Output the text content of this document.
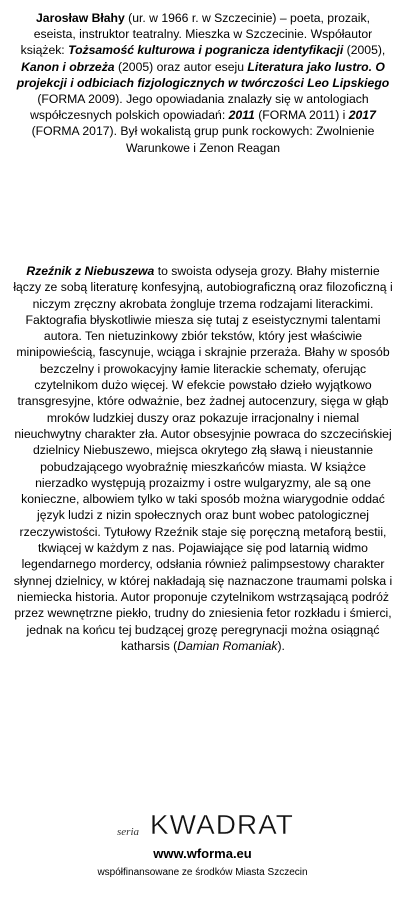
Jarosław Błahy (ur. w 1966 r. w Szczecinie) – poeta, prozaik, eseista, instruktor teatralny. Mieszka w Szczecinie. Współautor książek: Tożsamość kulturowa i pogranicza identyfikacji (2005), Kanon i obrzeża (2005) oraz autor eseju Literatura jako lustro. O projekcji i odbiciach fizjologicznych w twórczości Leo Lipskiego (FORMA 2009). Jego opowiadania znalazły się w antologiach współczesnych polskich opowiadań: 2011 (FORMA 2011) i 2017 (FORMA 2017). Był wokalistą grup punk rockowych: Zwolnienie Warunkowe i Zenon Reagan
Rzeźnik z Niebuszewa to swoista odyseja grozy. Błahy misternie łączy ze sobą literaturę konfesyjną, autobiograficzną oraz filozoficzną i niczym zręczny akrobata żongluje trzema rodzajami literackimi. Faktografia błyskotliwie miesza się tutaj z eseistycznymi talentami autora. Ten nietuzinkowy zbiór tekstów, który jest właściwie minipowieścią, fascynuje, wciąga i skrajnie przeraża. Błahy w sposób bezczelny i prowokacyjny łamie literackie schematy, oferując czytelnikom dużo więcej. W efekcie powstało dzieło wyjątkowo transgresyjne, które odważnie, bez żadnej autocenzury, sięga w głąb mroków ludzkiej duszy oraz pokazuje irracjonalny i niemal nieuchwytny charakter zła. Autor obsesyjnie powraca do szczecińskiej dzielnicy Niebuszewo, miejsca okrytego złą sławą i nieustannie pobudzającego wyobraźnię mieszkańców miasta. W książce nierzadko występują prozaizmy i ostre wulgaryzmy, ale są one konieczne, albowiem tylko w taki sposób można wiarygodnie oddać język ludzi z nizin społecznych oraz bunt wobec patologicznej rzeczywistości. Tytułowy Rzeźnik staje się poręczną metaforą bestii, tkwiącej w każdym z nas. Pojawiające się pod latarnią widmo legendarnego mordercy, odsłania również palimpsestowy charakter słynnej dzielnicy, w której nakładają się naznaczone traumami polska i niemiecka historia. Autor proponuje czytelnikom wstrząsającą podróż przez wewnętrzne piekło, trudny do zniesienia fetor rozkładu i śmierci, jednak na końcu tej budzącej grozę peregrynacji można osiągnąć katharsis (Damian Romaniak).
seria KWADRAT
www.wforma.eu
współfinansowane ze środków Miasta Szczecin
